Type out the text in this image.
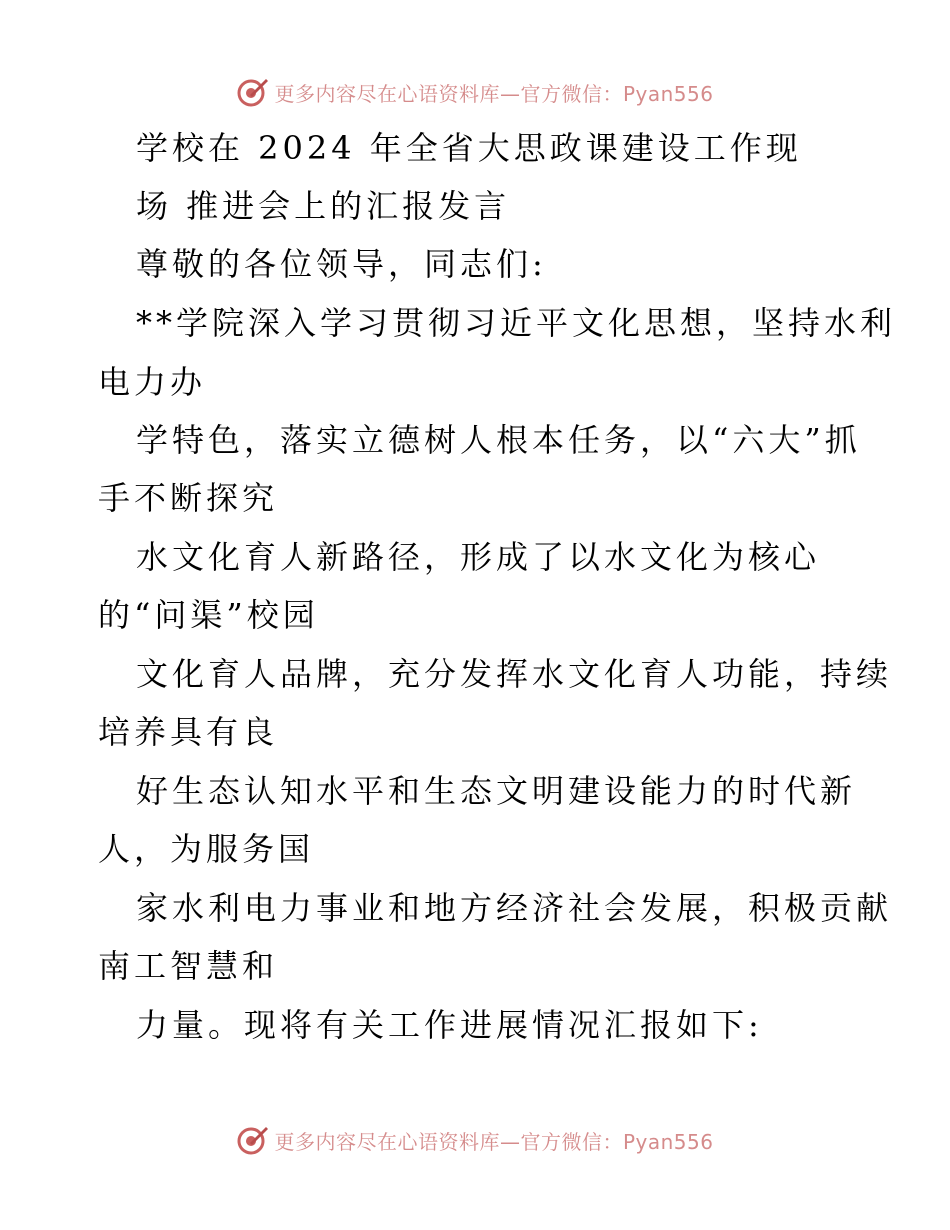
更多内容尽在心语资料库—官方微信：Pyan556
学校在 2024 年全省大思政课建设工作现
场 推进会上的汇报发言
尊敬的各位领导，同志们:
**学院深入学习贯彻习近平文化思想，坚持水利
电力办
学特色，落实立德树人根本任务，以“六大”抓
手不断探究
水文化育人新路径，形成了以水文化为核心
的“问渠”校园
文化育人品牌，充分发挥水文化育人功能，持续
培养具有良
好生态认知水平和生态文明建设能力的时代新
人，为服务国
家水利电力事业和地方经济社会发展，积极贡献
南工智慧和
力量。现将有关工作进展情况汇报如下:
更多内容尽在心语资料库—官方微信：Pyan556
